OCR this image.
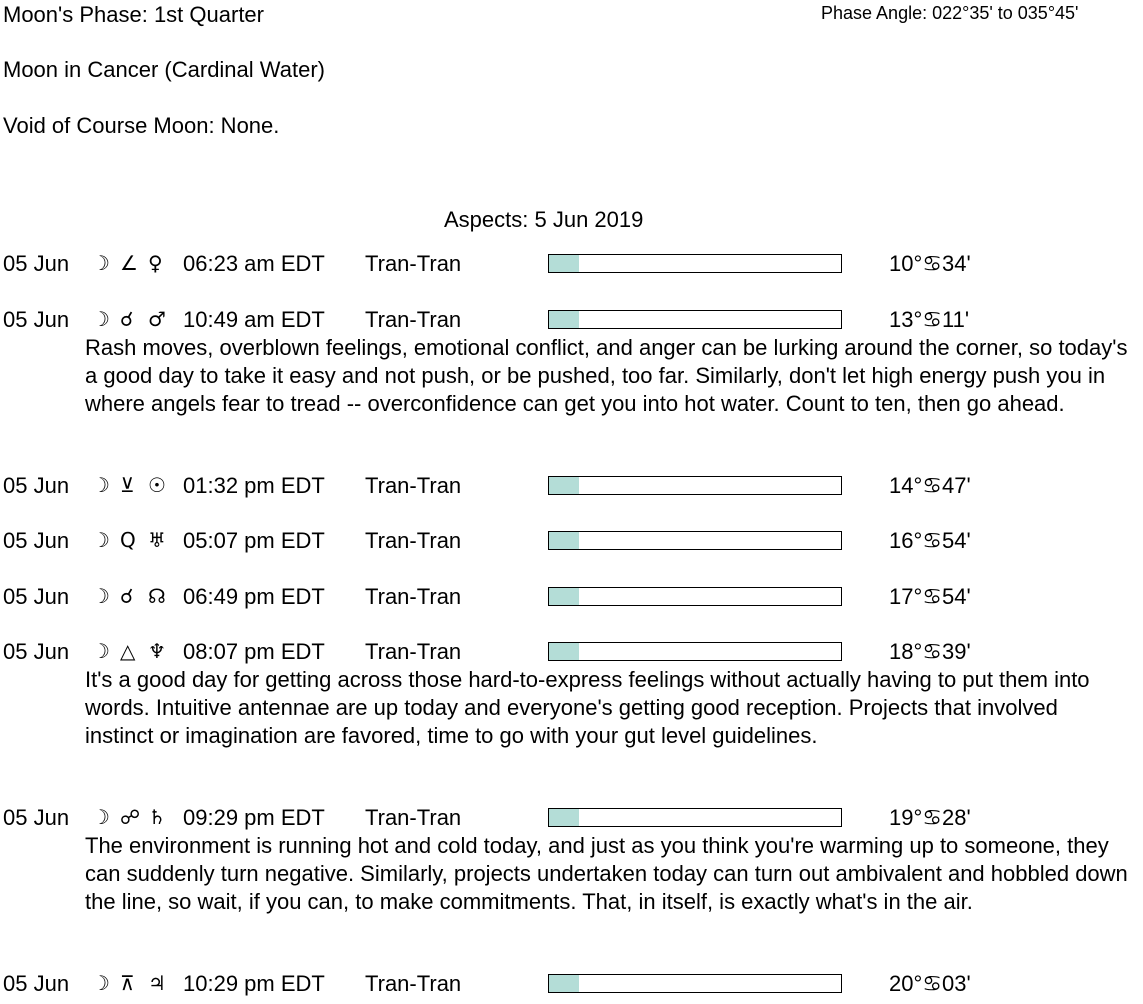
Moon's Phase: 1st Quarter	Phase Angle: 022°35' to 035°45'
Moon in Cancer (Cardinal Water)
Void of Course Moon: None.
Aspects: 5 Jun 2019
05 Jun ☽ ∠ ♀ 06:23 am EDT Tran-Tran	10°♋34'
05 Jun ☽ ☌ ♂ 10:49 am EDT Tran-Tran	13°♋11'
Rash moves, overblown feelings, emotional conflict, and anger can be lurking around the corner, so today's a good day to take it easy and not push, or be pushed, too far. Similarly, don't let high energy push you in where angels fear to tread -- overconfidence can get you into hot water. Count to ten, then go ahead.
05 Jun ☽ ⊻ ☉ 01:32 pm EDT Tran-Tran	14°♋47'
05 Jun ☽ Q ♅ 05:07 pm EDT Tran-Tran	16°♋54'
05 Jun ☽ ☌ ☊ 06:49 pm EDT Tran-Tran	17°♋54'
05 Jun ☽ △ ♆ 08:07 pm EDT Tran-Tran	18°♋39'
It's a good day for getting across those hard-to-express feelings without actually having to put them into words. Intuitive antennae are up today and everyone's getting good reception. Projects that involved instinct or imagination are favored, time to go with your gut level guidelines.
05 Jun ☽ ☍ ♄ 09:29 pm EDT Tran-Tran	19°♋28'
The environment is running hot and cold today, and just as you think you're warming up to someone, they can suddenly turn negative. Similarly, projects undertaken today can turn out ambivalent and hobbled down the line, so wait, if you can, to make commitments. That, in itself, is exactly what's in the air.
05 Jun ☽ ⊼ ♃ 10:29 pm EDT Tran-Tran	20°♋03'
